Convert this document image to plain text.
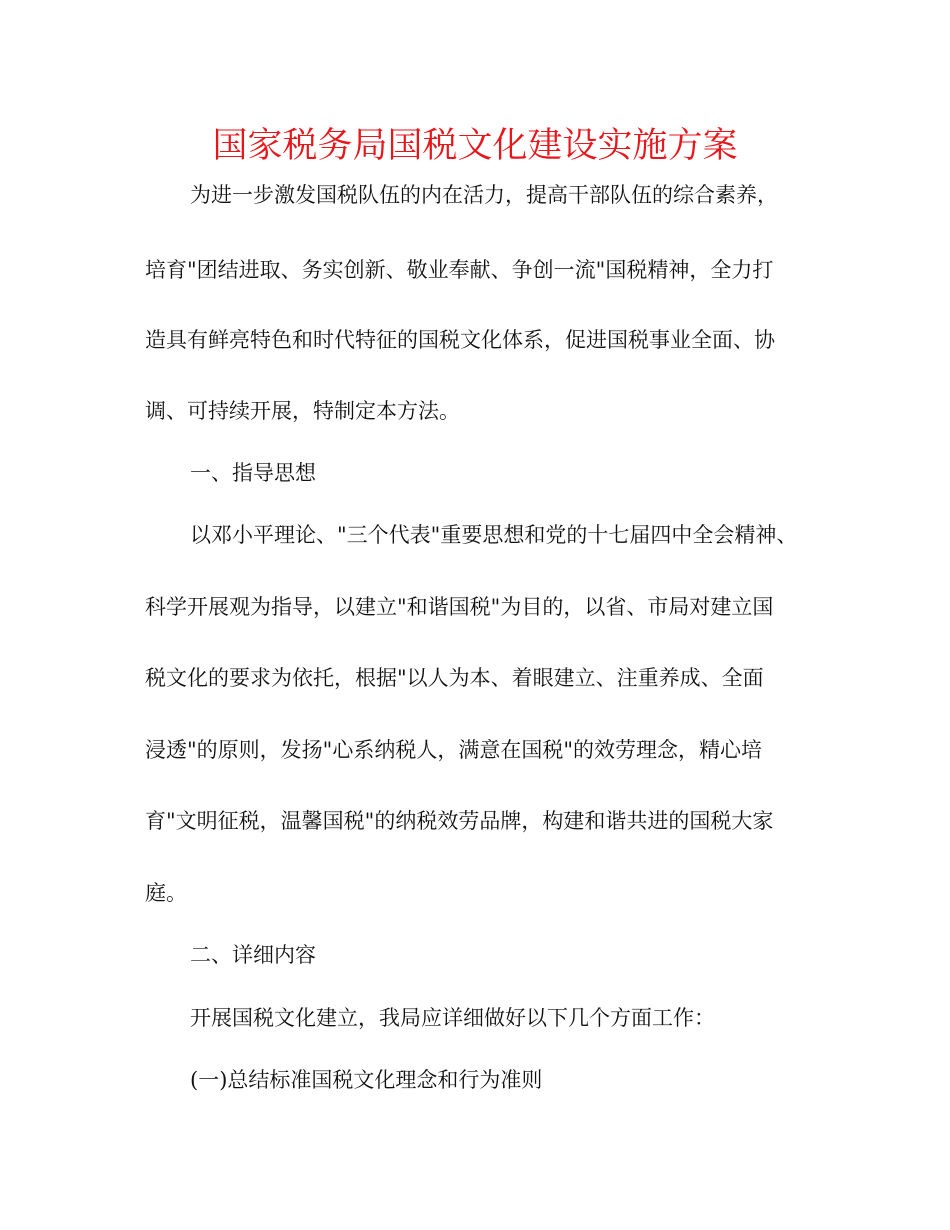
国家税务局国税文化建设实施方案
为进一步激发国税队伍的内在活力，提高干部队伍的综合素养，
培育"团结进取、务实创新、敬业奉献、争创一流"国税精神，全力打
造具有鲜亮特色和时代特征的国税文化体系，促进国税事业全面、协
调、可持续开展，特制定本方法。
一、指导思想
以邓小平理论、"三个代表"重要思想和党的十七届四中全会精神、
科学开展观为指导，以建立"和谐国税"为目的，以省、市局对建立国
税文化的要求为依托，根据"以人为本、着眼建立、注重养成、全面
浸透"的原则，发扬"心系纳税人，满意在国税"的效劳理念，精心培
育"文明征税，温馨国税"的纳税效劳品牌，构建和谐共进的国税大家
庭。
二、详细内容
开展国税文化建立，我局应详细做好以下几个方面工作：
(一)总结标准国税文化理念和行为准则
